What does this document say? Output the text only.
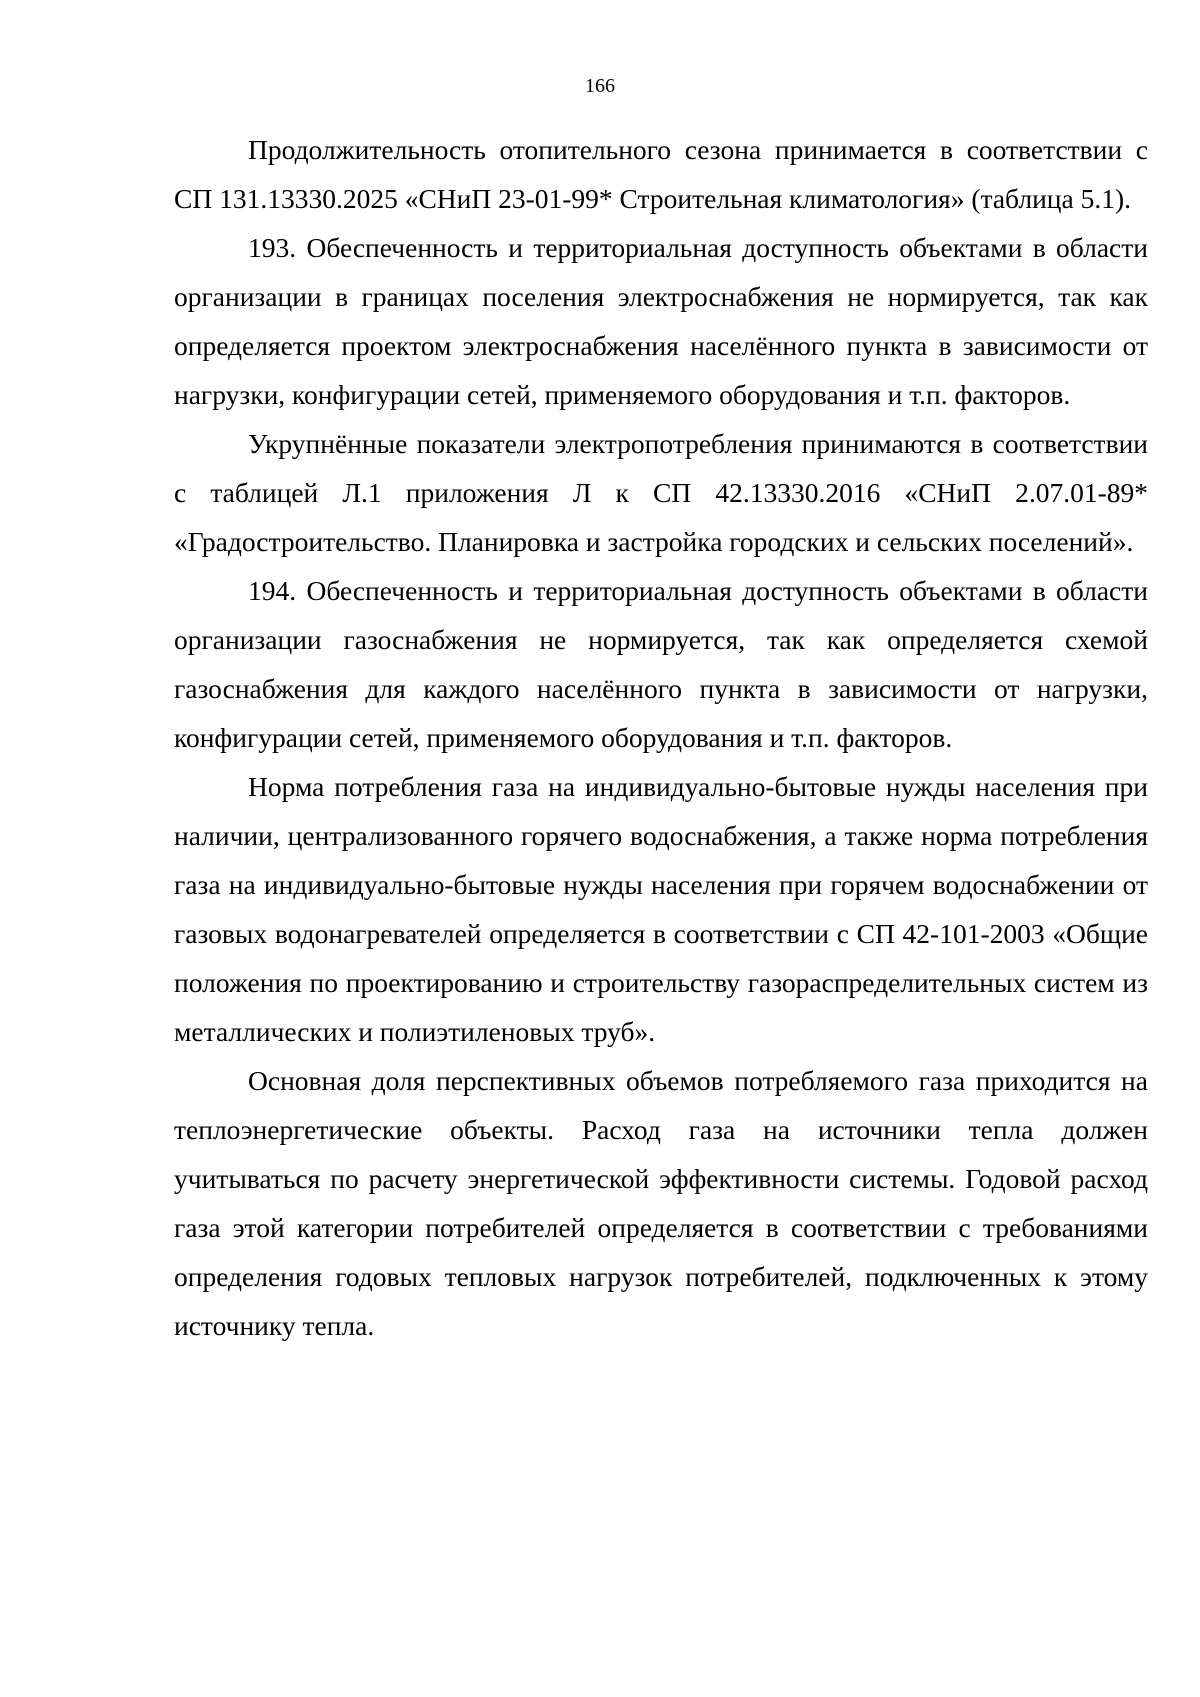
166

Продолжительность отопительного сезона принимается в соответствии с СП 131.13330.2025 «СНиП 23-01-99* Строительная климатология» (таблица 5.1).

193. Обеспеченность и территориальная доступность объектами в области организации в границах поселения электроснабжения не нормируется, так как определяется проектом электроснабжения населённого пункта в зависимости от нагрузки, конфигурации сетей, применяемого оборудования и т.п. факторов.

Укрупнённые показатели электропотребления принимаются в соответствии с таблицей Л.1 приложения Л к СП 42.13330.2016 «СНиП 2.07.01-89* «Градостроительство. Планировка и застройка городских и сельских поселений».

194. Обеспеченность и территориальная доступность объектами в области организации газоснабжения не нормируется, так как определяется схемой газоснабжения для каждого населённого пункта в зависимости от нагрузки, конфигурации сетей, применяемого оборудования и т.п. факторов.

Норма потребления газа на индивидуально-бытовые нужды населения при наличии, централизованного горячего водоснабжения, а также норма потребления газа на индивидуально-бытовые нужды населения при горячем водоснабжении от газовых водонагревателей определяется в соответствии с СП 42-101-2003 «Общие положения по проектированию и строительству газораспределительных систем из металлических и полиэтиленовых труб».

Основная доля перспективных объемов потребляемого газа приходится на теплоэнергетические объекты. Расход газа на источники тепла должен учитываться по расчету энергетической эффективности системы. Годовой расход газа этой категории потребителей определяется в соответствии с требованиями определения годовых тепловых нагрузок потребителей, подключенных к этому источнику тепла.
